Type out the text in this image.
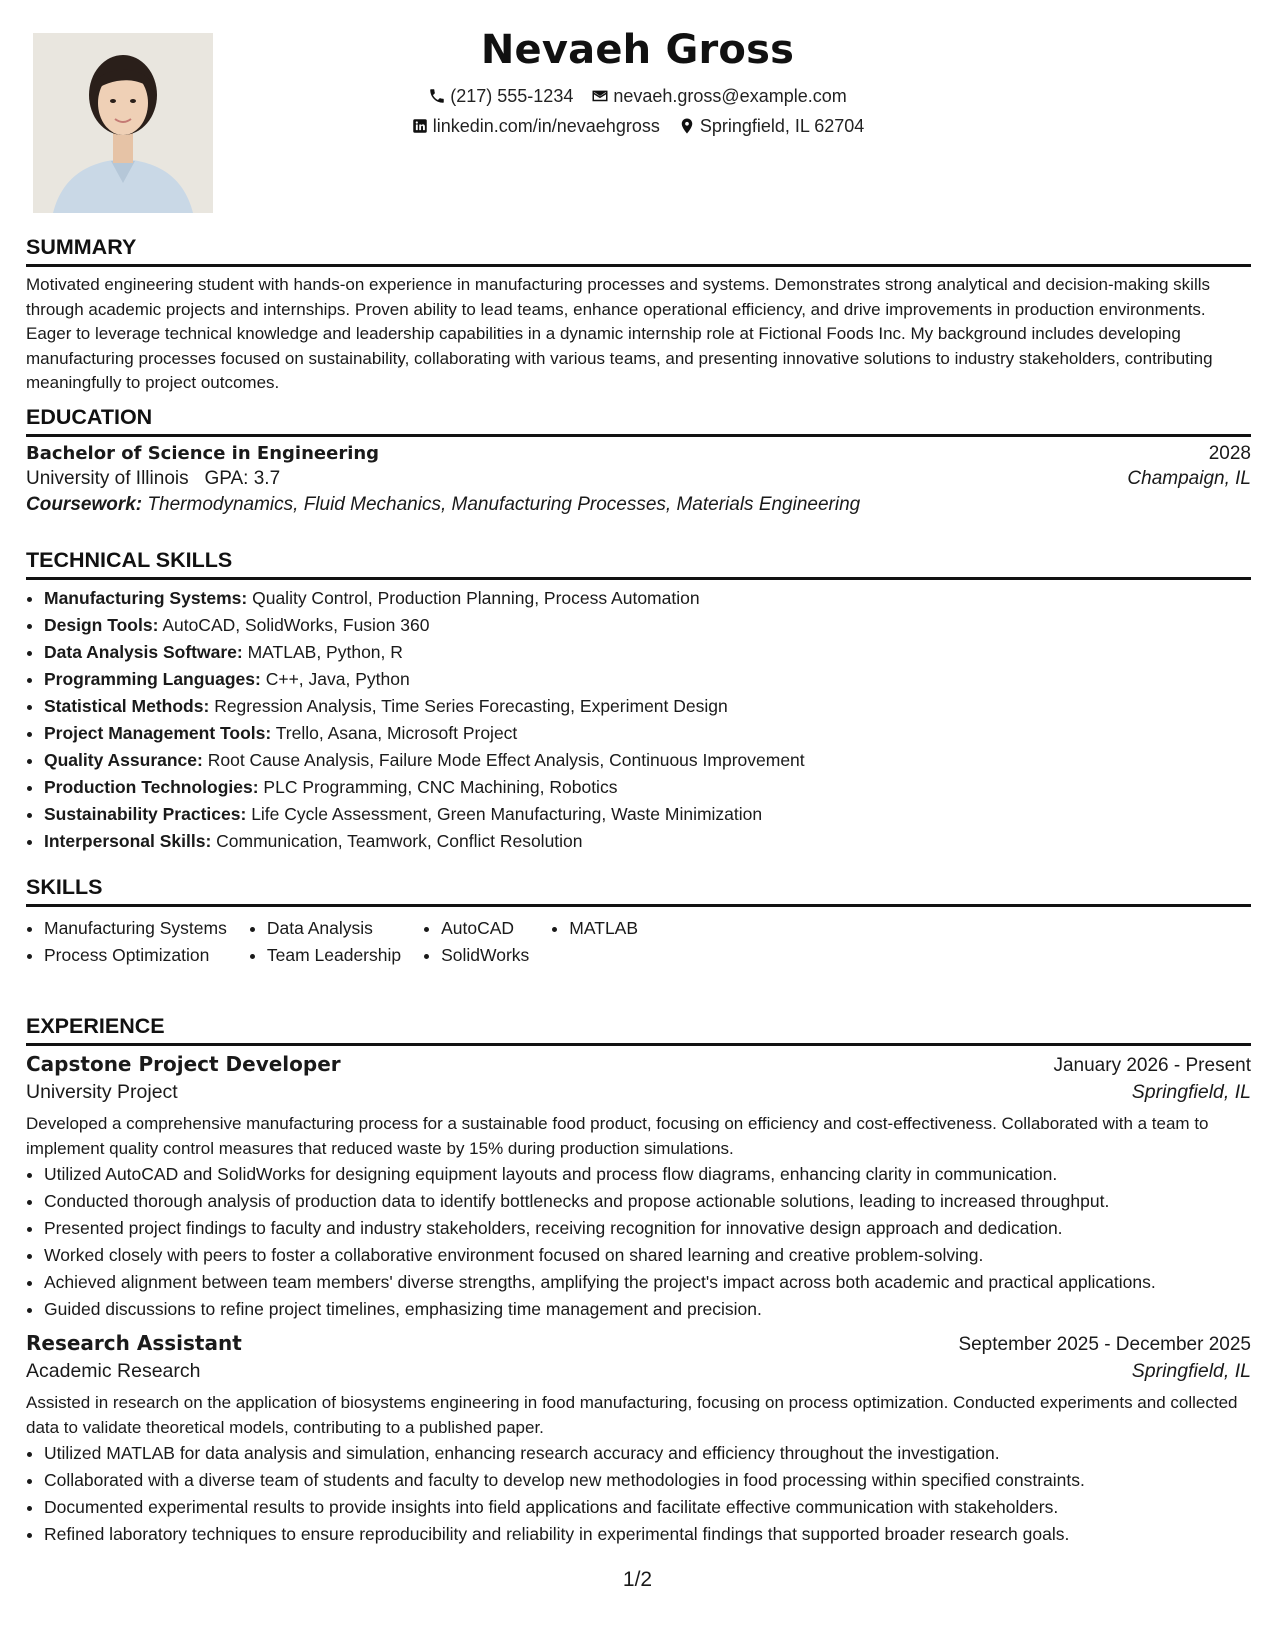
Nevaeh Gross
(217) 555-1234 nevaeh.gross@example.com
linkedin.com/in/nevaehgross Springfield, IL 62704
SUMMARY

Motivated engineering student with hands-on experience in manufacturing processes and systems. Demonstrates strong analytical and decision-making skills through academic projects and internships. Proven ability to lead teams, enhance operational efficiency, and drive improvements in production environments. Eager to leverage technical knowledge and leadership capabilities in a dynamic internship role at Fictional Foods Inc. My background includes developing manufacturing processes focused on sustainability, collaborating with various teams, and presenting innovative solutions to industry stakeholders, contributing meaningfully to project outcomes.

EDUCATION
Bachelor of Science in Engineering	2028
University of Illinois GPA: 3.7	Champaign, IL
Coursework: Thermodynamics, Fluid Mechanics, Manufacturing Processes, Materials Engineering
TECHNICAL SKILLS
• Manufacturing Systems: Quality Control, Production Planning, Process Automation
• Design Tools: AutoCAD, SolidWorks, Fusion 360
• Data Analysis Software: MATLAB, Python, R
• Programming Languages: C++, Java, Python
• Statistical Methods: Regression Analysis, Time Series Forecasting, Experiment Design
• Project Management Tools: Trello, Asana, Microsoft Project
• Quality Assurance: Root Cause Analysis, Failure Mode Effect Analysis, Continuous Improvement
• Production Technologies: PLC Programming, CNC Machining, Robotics
• Sustainability Practices: Life Cycle Assessment, Green Manufacturing, Waste Minimization
• Interpersonal Skills: Communication, Teamwork, Conflict Resolution
SKILLS
• Manufacturing Systems
• Process Optimization
• Data Analysis
• Team Leadership
• AutoCAD
• SolidWorks
• MATLAB
EXPERIENCE
Capstone Project Developer	January 2026 - Present
University Project	Springfield, IL

Developed a comprehensive manufacturing process for a sustainable food product, focusing on efficiency and cost-effectiveness. Collaborated with a team to implement quality control measures that reduced waste by 15% during production simulations.

• Utilized AutoCAD and SolidWorks for designing equipment layouts and process flow diagrams, enhancing clarity in communication.
• Conducted thorough analysis of production data to identify bottlenecks and propose actionable solutions, leading to increased throughput.
• Presented project findings to faculty and industry stakeholders, receiving recognition for innovative design approach and dedication.
• Worked closely with peers to foster a collaborative environment focused on shared learning and creative problem-solving.
• Achieved alignment between team members' diverse strengths, amplifying the project's impact across both academic and practical applications.
• Guided discussions to refine project timelines, emphasizing time management and precision.
Research Assistant	September 2025 - December 2025
Academic Research	Springfield, IL

Assisted in research on the application of biosystems engineering in food manufacturing, focusing on process optimization. Conducted experiments and collected data to validate theoretical models, contributing to a published paper.

• Utilized MATLAB for data analysis and simulation, enhancing research accuracy and efficiency throughout the investigation.
• Collaborated with a diverse team of students and faculty to develop new methodologies in food processing within specified constraints.
• Documented experimental results to provide insights into field applications and facilitate effective communication with stakeholders.
• Refined laboratory techniques to ensure reproducibility and reliability in experimental findings that supported broader research goals.
1/2
